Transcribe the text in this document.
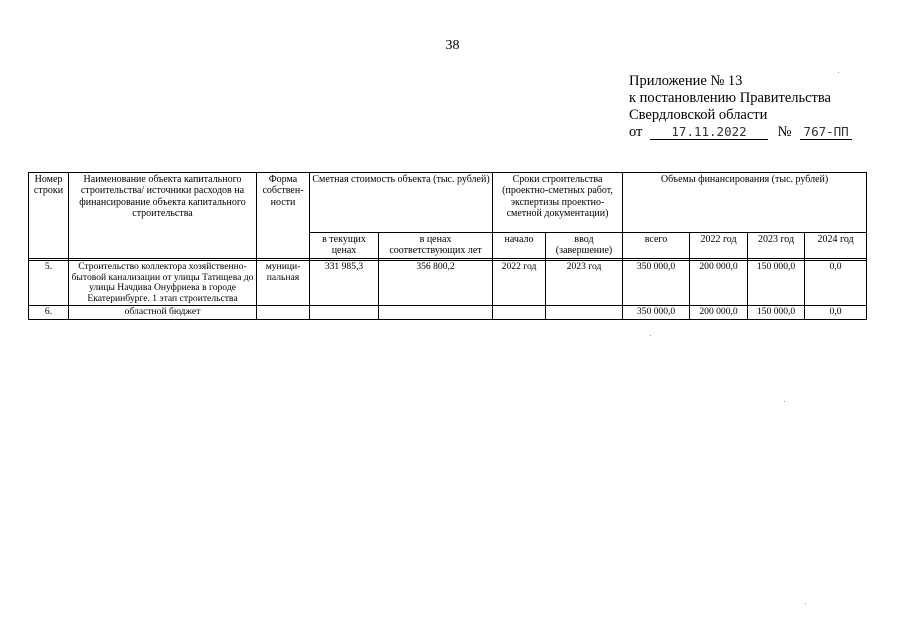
38
Приложение № 13
к постановлению Правительства
Свердловской области
от 17.11.2022 № 767-ПП
Номер строки	Наименование объекта капитального строительства/ источники расходов на финансирование объекта капитального строительства	Форма собствен-ности	Сметная стоимость объекта (тыс. рублей)		Сроки строительства (проектно-сметных работ, экспертизы проектно-сметной документации)		Объемы финансирования (тыс. рублей)			
			в текущих ценах	в ценах соответствующих лет	начало	ввод (завершение)	всего	2022 год	2023 год	2024 год

5.	Строительство коллектора хозяйственно-бытовой канализации от улицы Татищева до улицы Начдива Онуфриева в городе Екатеринбурге. 1 этап строительства	муници-пальная	331 985,3	356 800,2	2022 год	2023 год	350 000,0	200 000,0	150 000,0	0,0
6.	областной бюджет						350 000,0	200 000,0	150 000,0	0,0
